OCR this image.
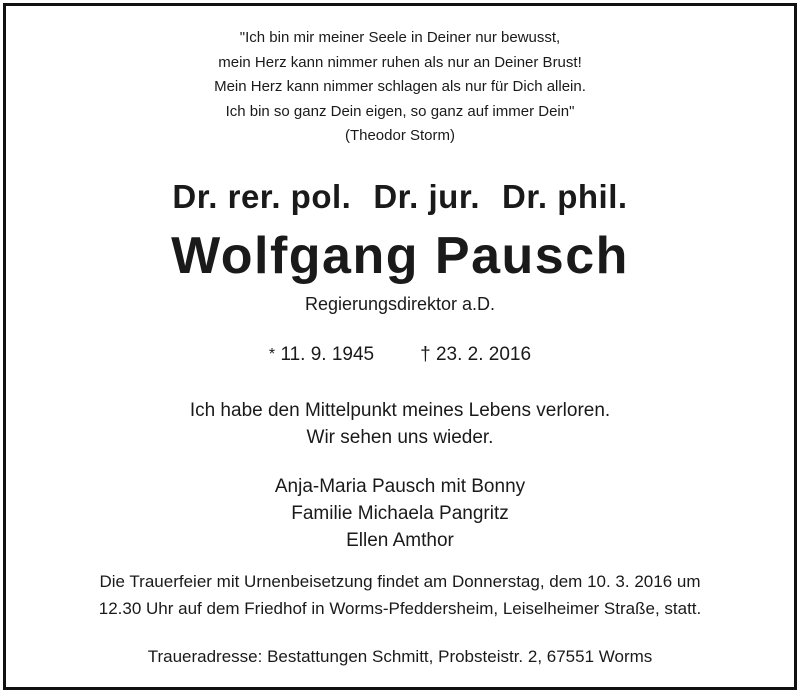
"Ich bin mir meiner Seele in Deiner nur bewusst,
mein Herz kann nimmer ruhen als nur an Deiner Brust!
Mein Herz kann nimmer schlagen als nur für Dich allein.
Ich bin so ganz Dein eigen, so ganz auf immer Dein"
(Theodor Storm)
Dr. rer. pol. Dr. jur. Dr. phil.
Wolfgang Pausch
Regierungsdirektor a.D.
* 11. 9. 1945 † 23. 2. 2016
Ich habe den Mittelpunkt meines Lebens verloren.
Wir sehen uns wieder.
Anja-Maria Pausch mit Bonny
Familie Michaela Pangritz
Ellen Amthor
Die Trauerfeier mit Urnenbeisetzung findet am Donnerstag, dem 10. 3. 2016 um
12.30 Uhr auf dem Friedhof in Worms-Pfeddersheim, Leiselheimer Straße, statt.
Traueradresse: Bestattungen Schmitt, Probsteistr. 2, 67551 Worms
